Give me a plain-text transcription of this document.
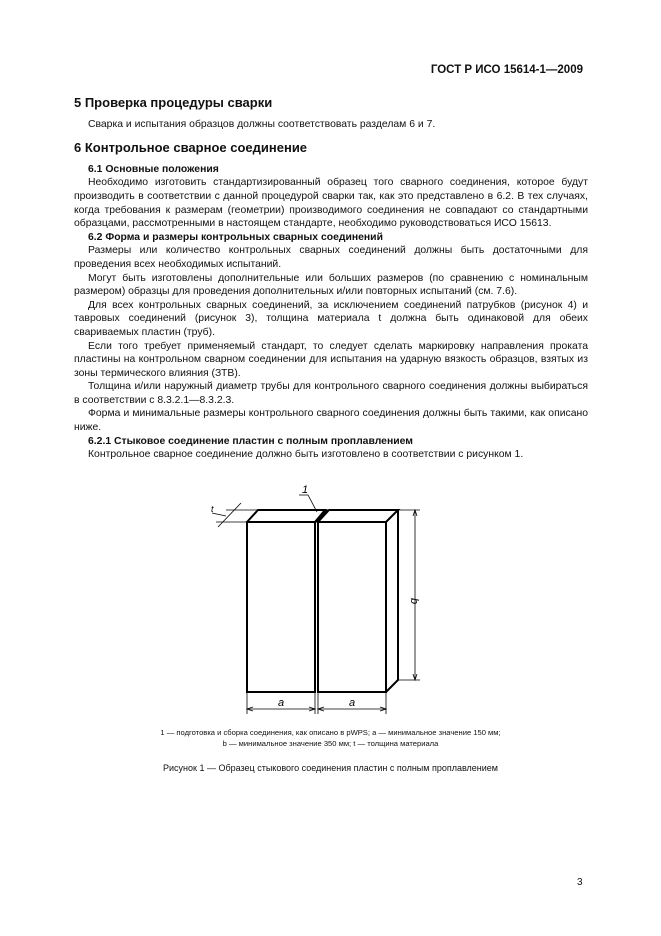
ГОСТ Р ИСО 15614-1—2009
5 Проверка процедуры сварки

Сварка и испытания образцов должны соответствовать разделам 6 и 7.

6 Контрольное сварное соединение
6.1 Основные положения

Необходимо изготовить стандартизированный образец того сварного соединения, которое будут производить в соответствии с данной процедурой сварки так, как это представлено в 6.2. В тех случаях, когда требования к размерам (геометрии) производимого соединения не совпадают со стандартными образцами, рассмотренными в настоящем стандарте, необходимо руководствоваться ИСО 15613.

6.2 Форма и размеры контрольных сварных соединений

Размеры или количество контрольных сварных соединений должны быть достаточными для проведения всех необходимых испытаний.

Могут быть изготовлены дополнительные или больших размеров (по сравнению с номинальным размером) образцы для проведения дополнительных и/или повторных испытаний (см. 7.6).

Для всех контрольных сварных соединений, за исключением соединений патрубков (рисунок 4) и тавровых соединений (рисунок 3), толщина материала t должна быть одинаковой для обеих свариваемых пластин (труб).

Если того требует применяемый стандарт, то следует сделать маркировку направления проката пластины на контрольном сварном соединении для испытания на ударную вязкость образцов, взятых из зоны термического влияния (ЗТВ).

Толщина и/или наружный диаметр трубы для контрольного сварного соединения должны выбираться в соответствии с 8.3.2.1—8.3.2.3.

Форма и минимальные размеры контрольного сварного соединения должны быть такими, как описано ниже.

6.2.1 Стыковое соединение пластин с полным проплавлением

Контрольное сварное соединение должно быть изготовлено в соответствии с рисунком 1.

1
t
a	a
b
1 — подготовка и сборка соединения, как описано в pWPS; a — минимальное значение 150 мм;
b — минимальное значение 350 мм; t — толщина материала
Рисунок 1 — Образец стыкового соединения пластин с полным проплавлением
3
